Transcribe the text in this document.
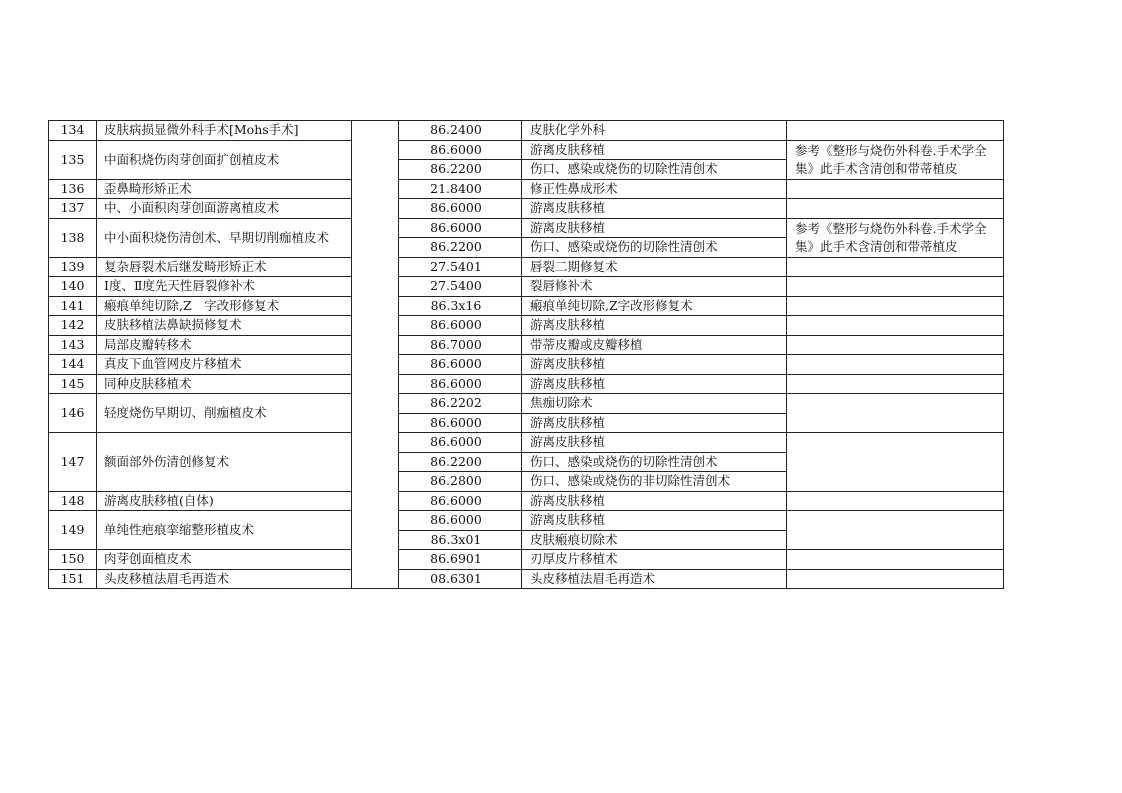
134	皮肤病损显微外科手术[Mohs手术]		86.2400	皮肤化学外科	
135	中面积烧伤肉芽创面扩创植皮术		86.6000	游离皮肤移植	参考《整形与烧伤外科卷.手术学全集》此手术含清创和带蒂植皮
			86.2200	伤口、感染或烧伤的切除性清创术	
136	歪鼻畸形矫正术		21.8400	修正性鼻成形术	
137	中、小面积肉芽创面游离植皮术		86.6000	游离皮肤移植	
138	中小面积烧伤清创术、早期切削痂植皮术		86.6000	游离皮肤移植	参考《整形与烧伤外科卷.手术学全集》此手术含清创和带蒂植皮
			86.2200	伤口、感染或烧伤的切除性清创术	
139	复杂唇裂术后继发畸形矫正术		27.5401	唇裂二期修复术	
140	Ⅰ度、Ⅱ度先天性唇裂修补术		27.5400	裂唇修补术	
141	瘢痕单纯切除,Z　字改形修复术		86.3x16	瘢痕单纯切除,Z字改形修复术	
142	皮肤移植法鼻缺损修复术		86.6000	游离皮肤移植	
143	局部皮瓣转移术		86.7000	带蒂皮瓣或皮瓣移植	
144	真皮下血管网皮片移植术		86.6000	游离皮肤移植	
145	同种皮肤移植术		86.6000	游离皮肤移植	
146	轻度烧伤早期切、削痂植皮术		86.2202	焦痂切除术	
			86.6000	游离皮肤移植	
147	额面部外伤清创修复术		86.6000	游离皮肤移植	
			86.2200	伤口、感染或烧伤的切除性清创术	
			86.2800	伤口、感染或烧伤的非切除性清创术	
148	游离皮肤移植(自体)		86.6000	游离皮肤移植	
149	单纯性疤痕挛缩整形植皮术		86.6000	游离皮肤移植	
			86.3x01	皮肤瘢痕切除术	
150	肉芽创面植皮术		86.6901	刃厚皮片移植术	
151	头皮移植法眉毛再造术		08.6301	头皮移植法眉毛再造术	
